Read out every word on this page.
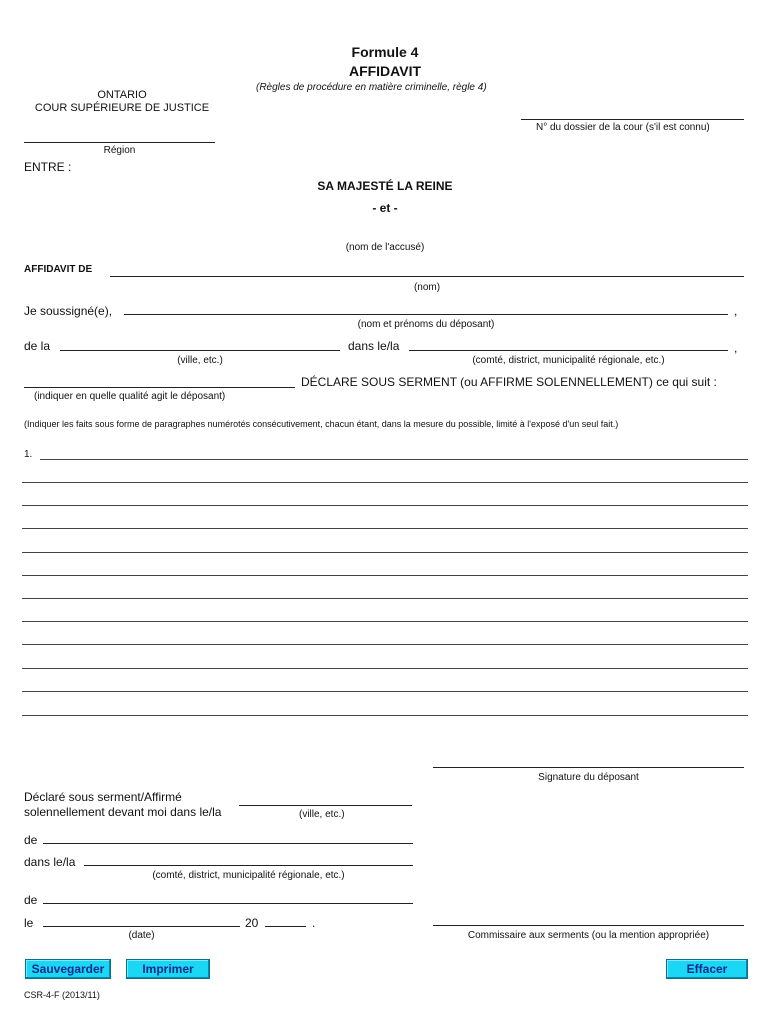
Formule 4
AFFIDAVIT
(Règles de procédure en matière criminelle, règle 4)
ONTARIO
COUR SUPÉRIEURE DE JUSTICE
N° du dossier de la cour (s'il est connu)
Région
ENTRE :
SA MAJESTÉ LA REINE
- et -
(nom de l'accusé)
AFFIDAVIT DE
(nom)
Je soussigné(e),	,
(nom et prénoms du déposant)
de la	dans le/la	,
(ville, etc.)	(comté, district, municipalité régionale, etc.)
DÉCLARE SOUS SERMENT (ou AFFIRME SOLENNELLEMENT) ce qui suit :
(indiquer en quelle qualité agit le déposant)
(Indiquer les faits sous forme de paragraphes numérotés consécutivement, chacun étant, dans la mesure du possible, limité à l'exposé d'un seul fait.)
1.
Signature du déposant
Déclaré sous serment/Affirmé
solennellement devant moi dans le/la	(ville, etc.)
de
dans le/la
(comté, district, municipalité régionale, etc.)
de
le	20	.
(date)	Commissaire aux serments (ou la mention appropriée)
Sauvegarder	Imprimer	Effacer
CSR-4-F (2013/11)
